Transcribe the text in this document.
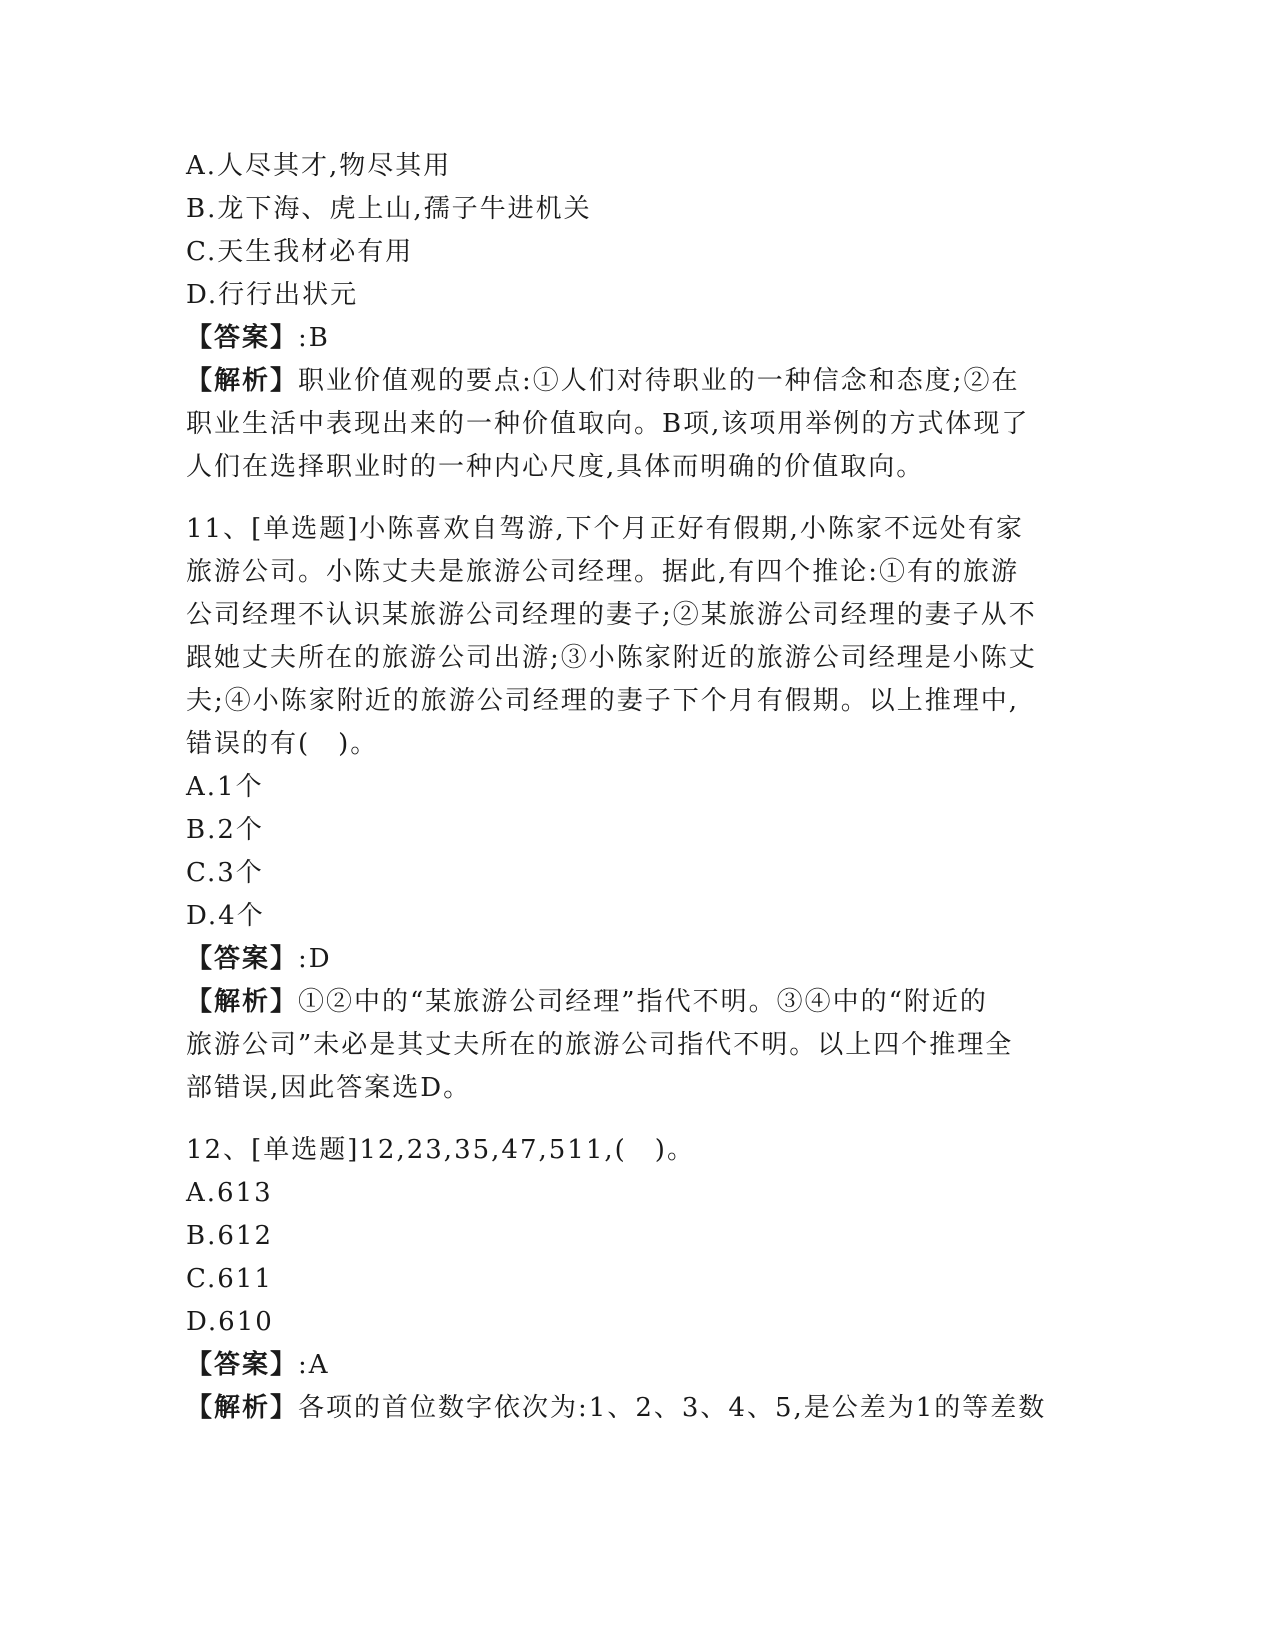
A.人尽其才,物尽其用
B.龙下海、虎上山,孺子牛进机关
C.天生我材必有用
D.行行出状元
【答案】:B
【解析】职业价值观的要点:①人们对待职业的一种信念和态度;②在
职业生活中表现出来的一种价值取向。B项,该项用举例的方式体现了
人们在选择职业时的一种内心尺度,具体而明确的价值取向。
11、[单选题]小陈喜欢自驾游,下个月正好有假期,小陈家不远处有家
旅游公司。小陈丈夫是旅游公司经理。据此,有四个推论:①有的旅游
公司经理不认识某旅游公司经理的妻子;②某旅游公司经理的妻子从不
跟她丈夫所在的旅游公司出游;③小陈家附近的旅游公司经理是小陈丈
夫;④小陈家附近的旅游公司经理的妻子下个月有假期。以上推理中,
错误的有(　)。
A.1个
B.2个
C.3个
D.4个
【答案】:D
【解析】①②中的“某旅游公司经理”指代不明。③④中的“附近的
旅游公司”未必是其丈夫所在的旅游公司指代不明。以上四个推理全
部错误,因此答案选D。
12、[单选题]12,23,35,47,511,(　)。
A.613
B.612
C.611
D.610
【答案】:A
【解析】各项的首位数字依次为:1、2、3、4、5,是公差为1的等差数
